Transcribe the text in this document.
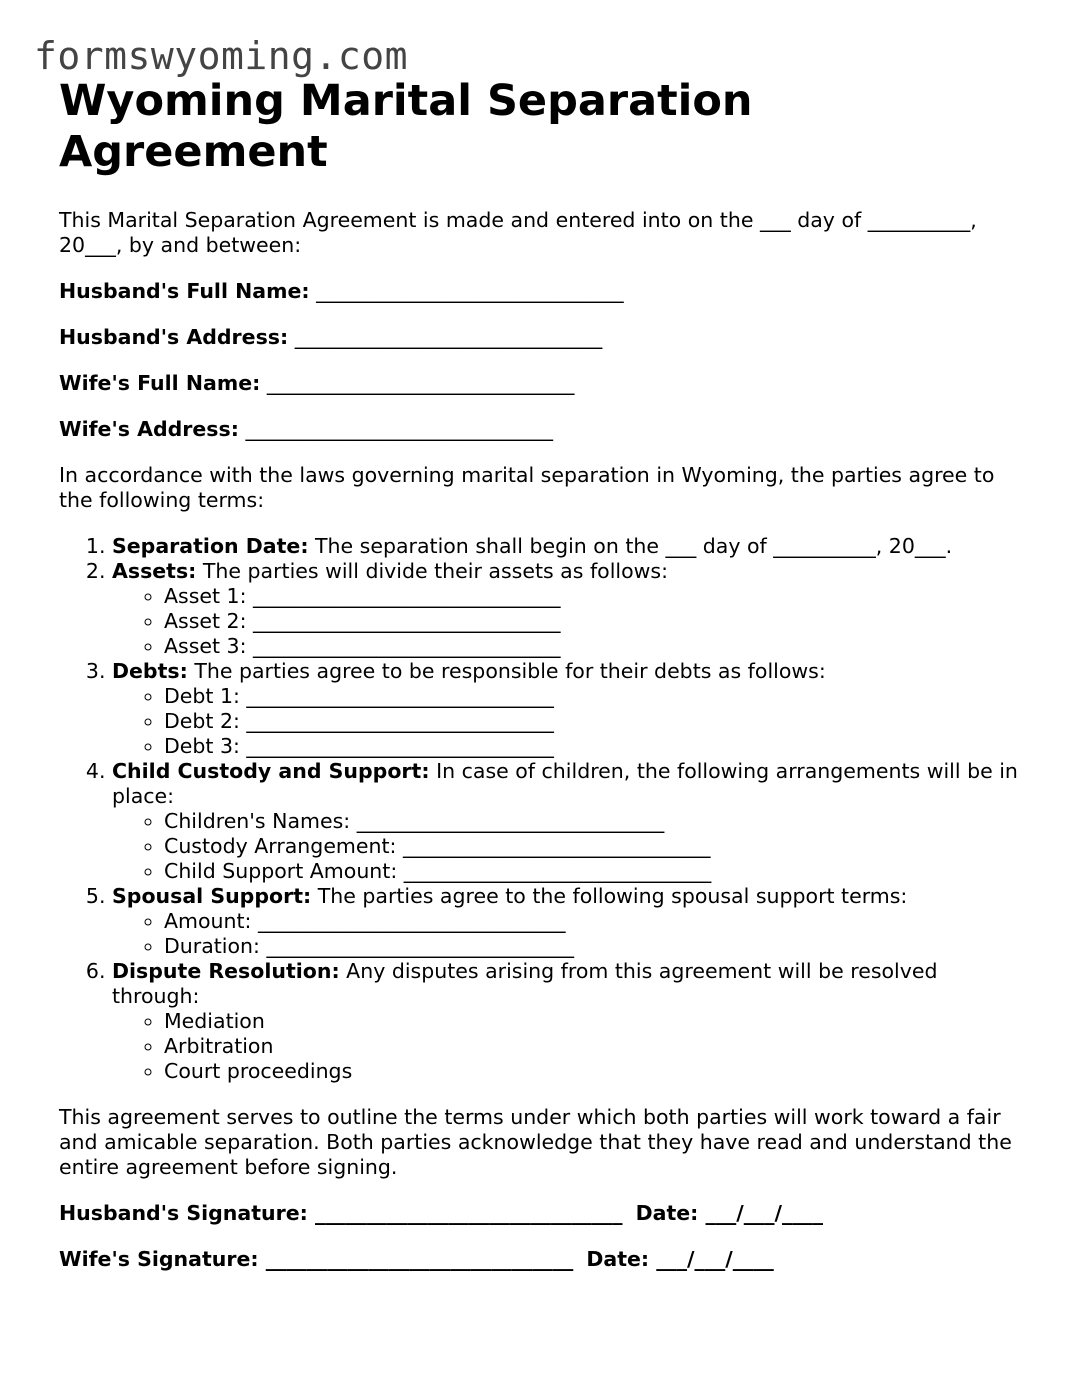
formswyoming.com
Wyoming Marital Separation Agreement

This Marital Separation Agreement is made and entered into on the ___ day of __________, 20___, by and between:

Husband's Full Name: ______________________________
Husband's Address: ______________________________
Wife's Full Name: ______________________________
Wife's Address: ______________________________

In accordance with the laws governing marital separation in Wyoming, the parties agree to the following terms:

1. Separation Date: The separation shall begin on the ___ day of __________, 20___.
2. Assets: The parties will divide their assets as follows:
◦ Asset 1: ______________________________
◦ Asset 2: ______________________________
◦ Asset 3: ______________________________
3. Debts: The parties agree to be responsible for their debts as follows:
◦ Debt 1: ______________________________
◦ Debt 2: ______________________________
◦ Debt 3: ______________________________
4. Child Custody and Support: In case of children, the following arrangements will be in place:
◦ Children's Names: ______________________________
◦ Custody Arrangement: ______________________________
◦ Child Support Amount: ______________________________
5. Spousal Support: The parties agree to the following spousal support terms:
◦ Amount: ______________________________
◦ Duration: ______________________________
6. Dispute Resolution: Any disputes arising from this agreement will be resolved through:
◦ Mediation
◦ Arbitration
◦ Court proceedings

This agreement serves to outline the terms under which both parties will work toward a fair and amicable separation. Both parties acknowledge that they have read and understand the entire agreement before signing.

Husband's Signature: ______________________________ Date: ___/___/____
Wife's Signature: ______________________________ Date: ___/___/____
